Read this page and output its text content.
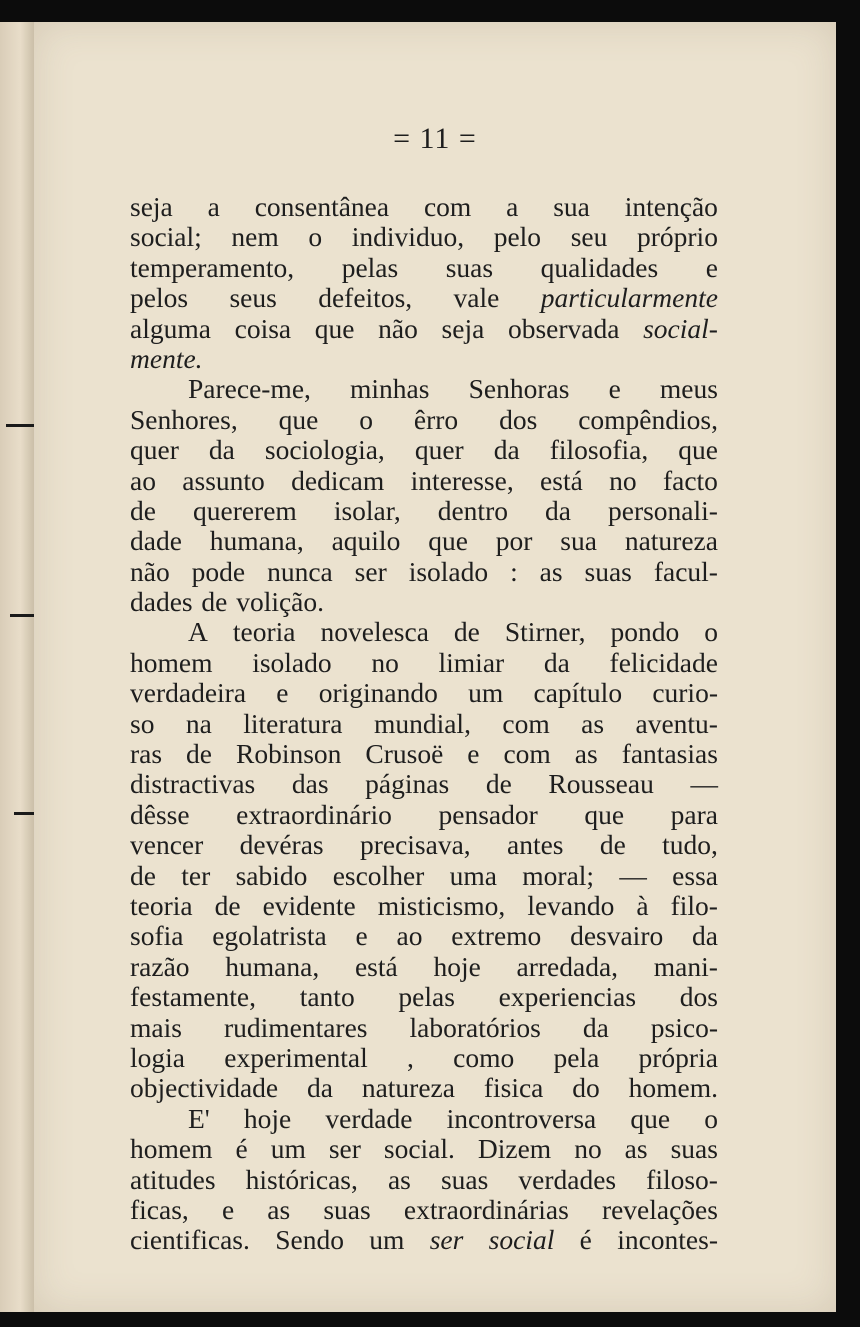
= 11 =
seja a consentânea com a sua intenção
social; nem o individuo, pelo seu próprio
temperamento, pelas suas qualidades e
pelos seus defeitos, vale particularmente
alguma coisa que não seja observada social-
mente.
Parece-me, minhas Senhoras e meus
Senhores, que o êrro dos compêndios,
quer da sociologia, quer da filosofia, que
ao assunto dedicam interesse, está no facto
de quererem isolar, dentro da personali-
dade humana, aquilo que por sua natureza
não pode nunca ser isolado : as suas facul-
dades de volição.
A teoria novelesca de Stirner, pondo o
homem isolado no limiar da felicidade
verdadeira e originando um capítulo curio-
so na literatura mundial, com as aventu-
ras de Robinson Crusoë e com as fantasias
distractivas das páginas de Rousseau —
dêsse extraordinário pensador que para
vencer devéras precisava, antes de tudo,
de ter sabido escolher uma moral; — essa
teoria de evidente misticismo, levando à filo-
sofia egolatrista e ao extremo desvairo da
razão humana, está hoje arredada, mani-
festamente, tanto pelas experiencias dos
mais rudimentares laboratórios da psico-
logia experimental , como pela própria
objectividade da natureza fisica do homem.
E' hoje verdade incontroversa que o
homem é um ser social. Dizem no as suas
atitudes históricas, as suas verdades filoso-
ficas, e as suas extraordinárias revelações
cientificas. Sendo um ser social é incontes-
